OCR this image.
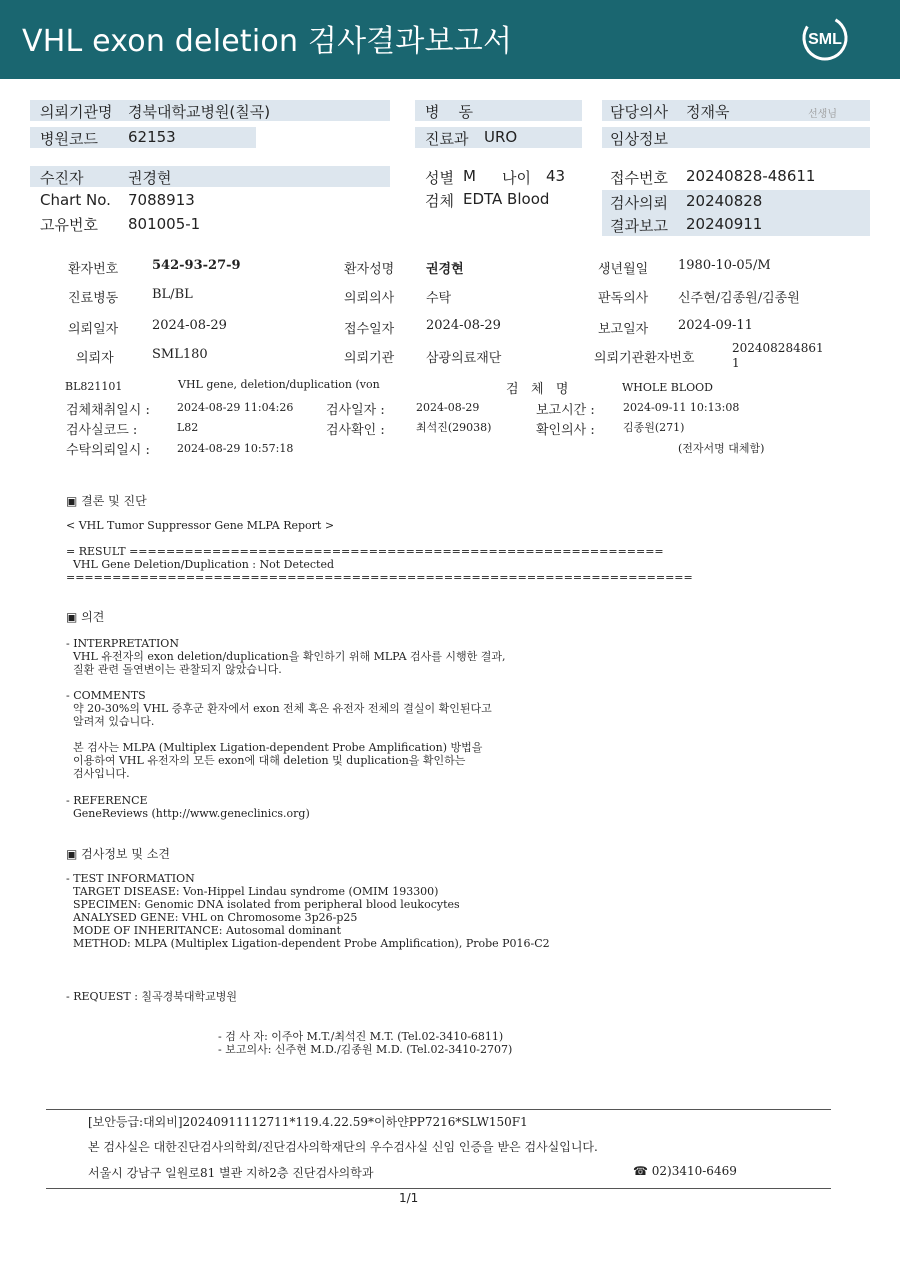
VHL exon deletion 검사결과보고서	SML
의뢰기관명 경북대학교병원(칠곡)	병    동	담당의사 정재욱	선생님
병원코드 62153	진료과 URO	임상정보
수진자	권경현	성별 M 나이 43	접수번호 20240828-48611
Chart No. 7088913	검체 EDTA Blood	검사의뢰 20240828
고유번호 801005-1	결과보고 20240911
환자번호	542-93-27-9	환자성명 권경현	생년월일 1980-10-05/M
진료병동	BL/BL	의뢰의사 수탁	판독의사 신주현/김종원/김종원
의뢰일자	2024-08-29	접수일자 2024-08-29	보고일자 2024-09-11
의뢰자	SML180	의뢰기관 삼광의료재단	의뢰기관환자번호
202408284861
1
BL821101	VHL gene, deletion/duplication (von	검   체   명	WHOLE BLOOD
검체채취일시 : 2024-08-29 11:04:26	검사일자 :	2024-08-29	보고시간 :	2024-09-11 10:13:08
검사실코드 :	L82	검사확인 :	최석진(29038)	확인의사 :	김종원(271)
수탁의뢰일시 : 2024-08-29 10:57:18	(전자서명 대체함)
▣ 결론 및 진단
< VHL Tumor Suppressor Gene MLPA Report >
= RESULT ==========================================================
VHL Gene Deletion/Duplication : Not Detected
====================================================================
▣ 의견
- INTERPRETATION
VHL 유전자의 exon deletion/duplication을 확인하기 위해 MLPA 검사를 시행한 결과,
질환 관련 돌연변이는 관찰되지 않았습니다.
- COMMENTS
약 20-30%의 VHL 증후군 환자에서 exon 전체 혹은 유전자 전체의 결실이 확인된다고
알려져 있습니다.
본 검사는 MLPA (Multiplex Ligation-dependent Probe Amplification) 방법을
이용하여 VHL 유전자의 모든 exon에 대해 deletion 및 duplication을 확인하는
검사입니다.
- REFERENCE
GeneReviews (http://www.geneclinics.org)
▣ 검사정보 및 소견
- TEST INFORMATION
TARGET DISEASE: Von-Hippel Lindau syndrome (OMIM 193300)
SPECIMEN: Genomic DNA isolated from peripheral blood leukocytes
ANALYSED GENE: VHL on Chromosome 3p26-p25
MODE OF INHERITANCE: Autosomal dominant
METHOD: MLPA (Multiplex Ligation-dependent Probe Amplification), Probe P016-C2
- REQUEST : 칠곡경북대학교병원
- 검 사 자: 이주아 M.T./최석진 M.T. (Tel.02-3410-6811)
- 보고의사: 신주현 M.D./김종원 M.D. (Tel.02-3410-2707)
[보안등급:대외비]20240911112711*119.4.22.59*이하얀PP7216*SLW150F1
본 검사실은 대한진단검사의학회/진단검사의학재단의 우수검사실 신임 인증을 받은 검사실입니다.
서울시 강남구 일원로81 별관 지하2층 진단검사의학과	☎ 02)3410-6469
1/1
